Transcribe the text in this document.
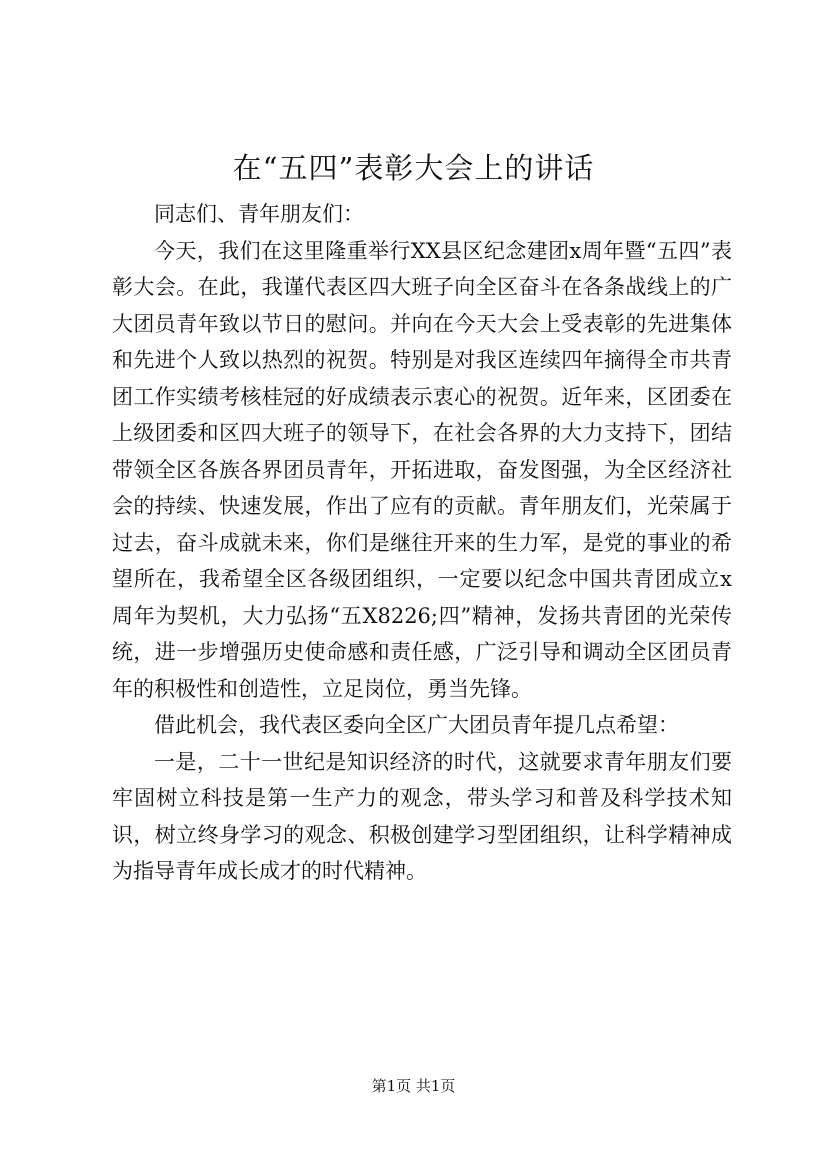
在“五四”表彰大会上的讲话

同志们、青年朋友们：

今天，我们在这里隆重举行XX县区纪念建团x周年暨“五四”表彰大会。在此，我谨代表区四大班子向全区奋斗在各条战线上的广大团员青年致以节日的慰问。并向在今天大会上受表彰的先进集体和先进个人致以热烈的祝贺。特别是对我区连续四年摘得全市共青团工作实绩考核桂冠的好成绩表示衷心的祝贺。近年来，区团委在上级团委和区四大班子的领导下，在社会各界的大力支持下，团结带领全区各族各界团员青年，开拓进取，奋发图强，为全区经济社会的持续、快速发展，作出了应有的贡献。青年朋友们，光荣属于过去，奋斗成就未来，你们是继往开来的生力军，是党的事业的希望所在，我希望全区各级团组织，一定要以纪念中国共青团成立x周年为契机，大力弘扬“五X8226;四”精神，发扬共青团的光荣传统，进一步增强历史使命感和责任感，广泛引导和调动全区团员青年的积极性和创造性，立足岗位，勇当先锋。

借此机会，我代表区委向全区广大团员青年提几点希望：

一是，二十一世纪是知识经济的时代，这就要求青年朋友们要牢固树立科技是第一生产力的观念，带头学习和普及科学技术知识，树立终身学习的观念、积极创建学习型团组织，让科学精神成为指导青年成长成才的时代精神。

第1页 共1页
